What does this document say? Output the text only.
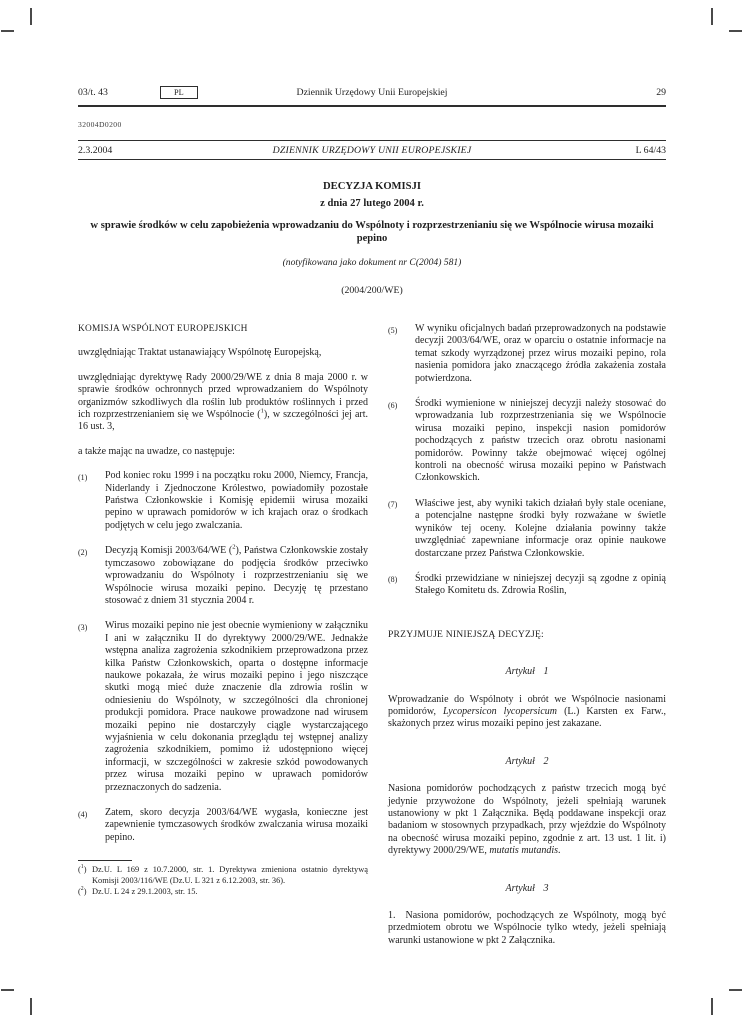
03/t. 43	PL	Dziennik Urzędowy Unii Europejskiej	29
32004D0200
2.3.2004	DZIENNIK URZĘDOWY UNII EUROPEJSKIEJ	L 64/43
DECYZJA KOMISJI
z dnia 27 lutego 2004 r.
w sprawie środków w celu zapobieżenia wprowadzaniu do Wspólnoty i rozprzestrzenianiu się we Wspólnocie wirusa mozaiki pepino
(notyfikowana jako dokument nr C(2004) 581)
(2004/200/WE)
KOMISJA WSPÓLNOT EUROPEJSKICH

uwzględniając Traktat ustanawiający Wspólnotę Europejską,

uwzględniając dyrektywę Rady 2000/29/WE z dnia 8 maja 2000 r. w sprawie środków ochronnych przed wprowadzaniem do Wspólnoty organizmów szkodliwych dla roślin lub produktów roślinnych i przed ich rozprzestrzenianiem się we Wspólnocie ($^1$), w szczególności jej art. 16 ust. 3,

a także mając na uwadze, co następuje:

(1)	Pod koniec roku 1999 i na początku roku 2000, Niemcy, Francja, Niderlandy i Zjednoczone Królestwo, powiadomiły pozostałe Państwa Członkowskie i Komisję epidemii wirusa mozaiki pepino w uprawach pomidorów w ich krajach oraz o środkach podjętych w celu jego zwalczania.
(2)	Decyzją Komisji 2003/64/WE ($^2$), Państwa Członkowskie zostały tymczasowo zobowiązane do podjęcia środków przeciwko wprowadzaniu do Wspólnoty i rozprzestrzenianiu się we Wspólnocie wirusa mozaiki pepino. Decyzję tę przestano stosować z dniem 31 stycznia 2004 r.
(3)	Wirus mozaiki pepino nie jest obecnie wymieniony w załączniku I ani w załączniku II do dyrektywy 2000/29/WE. Jednakże wstępna analiza zagrożenia szkodnikiem przeprowadzona przez kilka Państw Członkowskich, oparta o dostępne informacje naukowe pokazała, że wirus mozaiki pepino i jego niszczące skutki mogą mieć duże znaczenie dla zdrowia roślin w odniesieniu do Wspólnoty, w szczególności dla chronionej produkcji pomidora. Prace naukowe prowadzone nad wirusem mozaiki pepino nie dostarczyły ciągle wystarczającego wyjaśnienia w celu dokonania przeglądu tej wstępnej analizy zagrożenia szkodnikiem, pomimo iż udostępniono więcej informacji, w szczególności w zakresie szkód powodowanych przez wirusa mozaiki pepino w uprawach pomidorów przeznaczonych do sadzenia.
(4)	Zatem, skoro decyzja 2003/64/WE wygasła, konieczne jest zapewnienie tymczasowych środków zwalczania wirusa mozaiki pepino.
($^1$) Dz.U. L 169 z 10.7.2000, str. 1. Dyrektywa zmieniona ostatnio dyrektywą Komisji 2003/116/WE (Dz.U. L 321 z 6.12.2003, str. 36).
($^2$) Dz.U. L 24 z 29.1.2003, str. 15.
(5)	W wyniku oficjalnych badań przeprowadzonych na podstawie decyzji 2003/64/WE, oraz w oparciu o ostatnie informacje na temat szkody wyrządzonej przez wirus mozaiki pepino, rola nasienia pomidora jako znaczącego źródła zakażenia została potwierdzona.
(6)	Środki wymienione w niniejszej decyzji należy stosować do wprowadzania lub rozprzestrzeniania się we Wspólnocie wirusa mozaiki pepino, inspekcji nasion pomidorów pochodzących z państw trzecich oraz obrotu nasionami pomidorów. Powinny także obejmować więcej ogólnej kontroli na obecność wirusa mozaiki pepino w Państwach Członkowskich.
(7)	Właściwe jest, aby wyniki takich działań były stale oceniane, a potencjalne następne środki były rozważane w świetle wyników tej oceny. Kolejne działania powinny także uwzględniać zapewniane informacje oraz opinie naukowe dostarczane przez Państwa Członkowskie.
(8)	Środki przewidziane w niniejszej decyzji są zgodne z opinią Stałego Komitetu ds. Zdrowia Roślin,
PRZYJMUJE NINIEJSZĄ DECYZJĘ:
Artykuł 1

Wprowadzanie do Wspólnoty i obrót we Wspólnocie nasionami pomidorów, Lycopersicon lycopersicum (L.) Karsten ex Farw., skażonych przez wirus mozaiki pepino jest zakazane.

Artykuł 2

Nasiona pomidorów pochodzących z państw trzecich mogą być jedynie przywożone do Wspólnoty, jeżeli spełniają warunek ustanowiony w pkt 1 Załącznika. Będą poddawane inspekcji oraz badaniom w stosownych przypadkach, przy wjeździe do Wspólnoty na obecność wirusa mozaiki pepino, zgodnie z art. 13 ust. 1 lit. i) dyrektywy 2000/29/WE, mutatis mutandis.

Artykuł 3

1. Nasiona pomidorów, pochodzących ze Wspólnoty, mogą być przedmiotem obrotu we Wspólnocie tylko wtedy, jeżeli spełniają warunki ustanowione w pkt 2 Załącznika.
